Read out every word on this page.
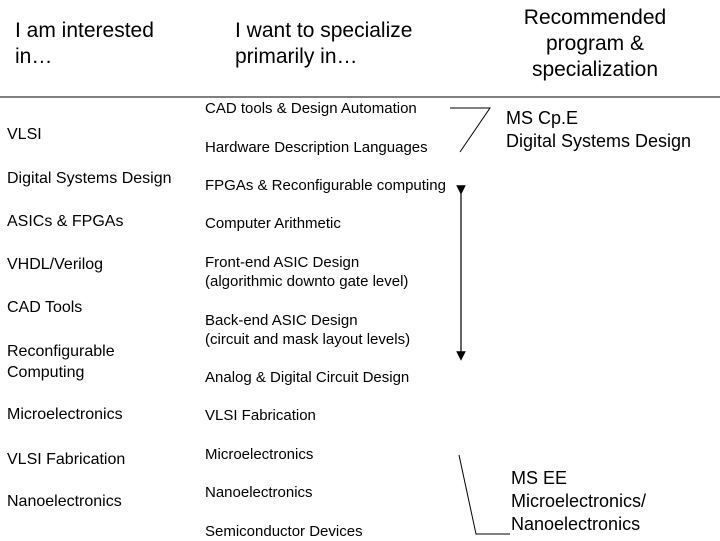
I am interested
in…
I want to specialize
primarily in…
Recommended
program &
specialization
VLSI
Digital Systems Design
ASICs & FPGAs
VHDL/Verilog
CAD Tools
Reconfigurable
Computing
Microelectronics
VLSI Fabrication
Nanoelectronics
CAD tools & Design Automation
Hardware Description Languages
FPGAs & Reconfigurable computing
Computer Arithmetic
Front-end ASIC Design
(algorithmic downto gate level)
Back-end ASIC Design
(circuit and mask layout levels)
Analog & Digital Circuit Design
VLSI Fabrication
Microelectronics
Nanoelectronics
Semiconductor Devices
MS Cp.E
Digital Systems Design
MS EE
Microelectronics/
Nanoelectronics
